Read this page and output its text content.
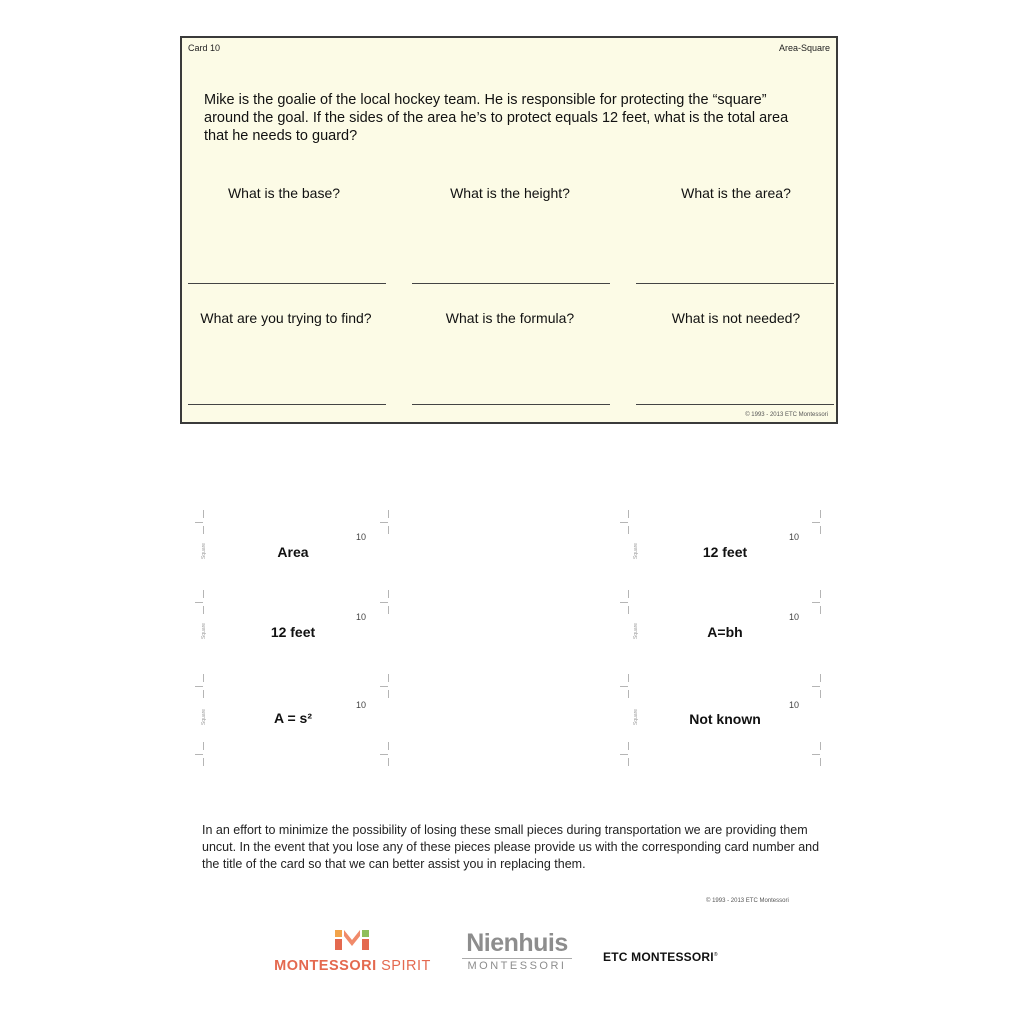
Card 10	Area-Square
Mike is the goalie of the local hockey team. He is responsible for protecting the “square” around the goal. If the sides of the area he’s to protect equals 12 feet, what is the total area that he needs to guard?
What is the base?	What is the height?	What is the area?
What are you trying to find?	What is the formula?	What is not needed?
© 1993 - 2013 ETC Montessori
Area
12 feet
A = s²
10
10
10
Square
Square
Square
12 feet
A=bh
Not known
10
10
10
Square
Square
Square
In an effort to minimize the possibility of losing these small pieces during transportation we are providing them uncut. In the event that you lose any of these pieces please provide us with the corresponding card number and the title of the card so that we can better assist you in replacing them.
© 1993 - 2013 ETC Montessori
MONTESSORI SPIRIT
Nienhuis
MONTESSORI
ETC MONTESSORI®
